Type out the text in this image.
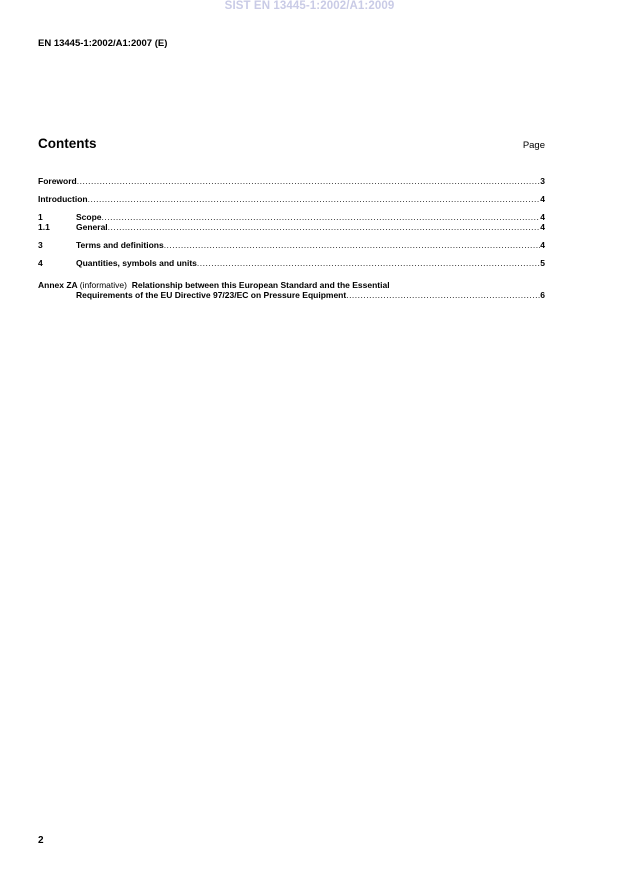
SIST EN 13445-1:2002/A1:2009
EN 13445-1:2002/A1:2007 (E)
Contents	Page
Foreword .....	3
Introduction .....	4
1	Scope .....	4
1.1	General .....	4
3	Terms and definitions .....	4
4	Quantities, symbols and units .....	5
Annex ZA (informative) Relationship between this European Standard and the Essential
Requirements of the EU Directive 97/23/EC on Pressure Equipment .....	6
2
